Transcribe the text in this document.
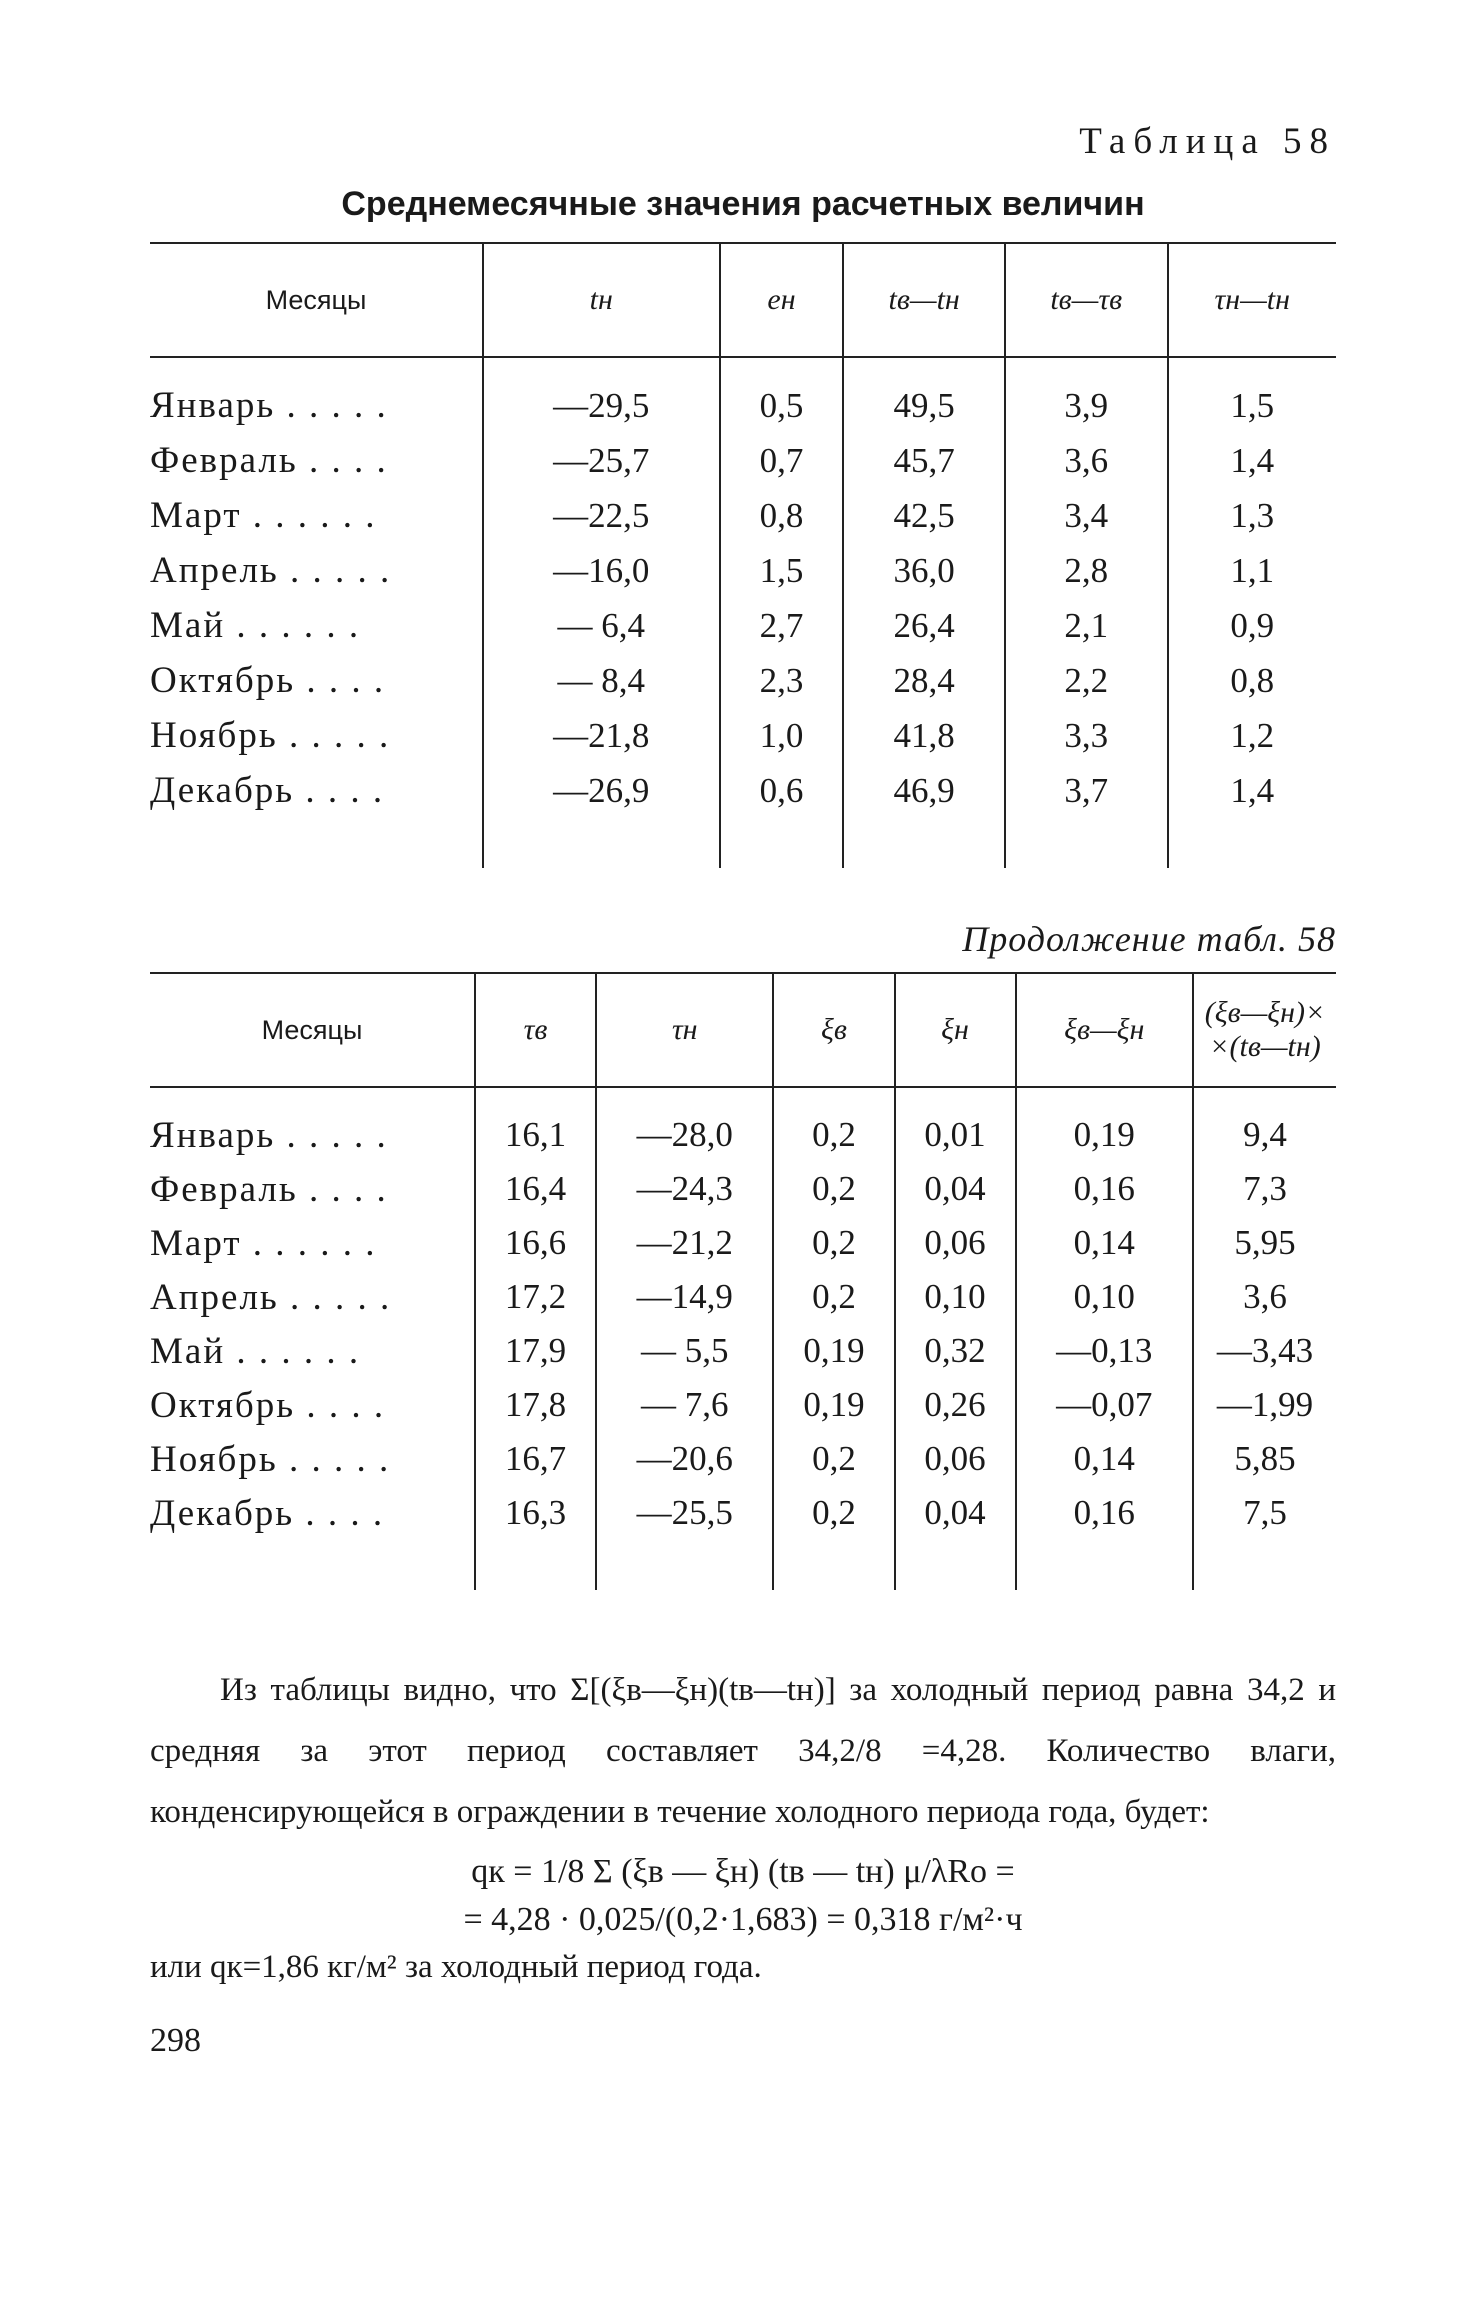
Таблица 58
Среднемесячные значения расчетных величин
Месяцы	tн	eн	tв—tн	tв—τв	τн—tн
Январь . . . . .	—29,5	0,5	49,5	3,9	1,5
Февраль . . . .	—25,7	0,7	45,7	3,6	1,4
Март . . . . . .	—22,5	0,8	42,5	3,4	1,3
Апрель . . . . .	—16,0	1,5	36,0	2,8	1,1
Май . . . . . .	— 6,4	2,7	26,4	2,1	0,9
Октябрь . . . .	— 8,4	2,3	28,4	2,2	0,8
Ноябрь . . . . .	—21,8	1,0	41,8	3,3	1,2
Декабрь . . . .	—26,9	0,6	46,9	3,7	1,4
Продолжение табл. 58
Месяцы	τв	τн	ξв	ξн	ξв—ξн	(ξв—ξн)× ×(tв—tн)
Январь . . . . .	16,1	—28,0	0,2	0,01	0,19	9,4
Февраль . . . .	16,4	—24,3	0,2	0,04	0,16	7,3
Март . . . . . .	16,6	—21,2	0,2	0,06	0,14	5,95
Апрель . . . . .	17,2	—14,9	0,2	0,10	0,10	3,6
Май . . . . . .	17,9	— 5,5	0,19	0,32	—0,13	—3,43
Октябрь . . . .	17,8	— 7,6	0,19	0,26	—0,07	—1,99
Ноябрь . . . . .	16,7	—20,6	0,2	0,06	0,14	5,85
Декабрь . . . .	16,3	—25,5	0,2	0,04	0,16	7,5

Из таблицы видно, что Σ[(ξв—ξн)(tв—tн)] за холодный период равна 34,2 и средняя за этот период составляет 34,2/8 =4,28. Количество влаги, конденсирующейся в ограждении в течение холодного периода года, будет:

qк = 1/8 Σ (ξв — ξн) (tв — tн) μ/λRо =
= 4,28 · 0,025/(0,2·1,683) = 0,318 г/м²·ч
или qк=1,86 кг/м² за холодный период года.
298
